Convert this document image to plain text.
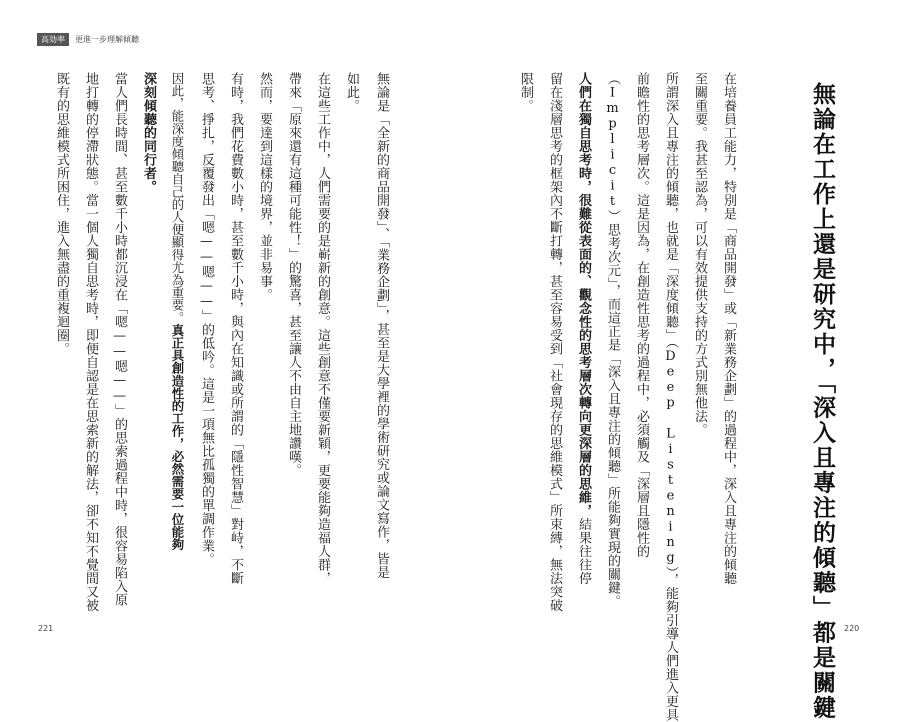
高効率	更進一步理解傾聽
221
無論是「全新的商品開發」、「業務企劃」，甚至是大學裡的學術研究或論文寫作，皆是
如此。
在這些工作中，人們需要的是嶄新的創意。這些創意不僅要新穎，更要能夠造福人群，
帶來「原來還有這種可能性！」的驚喜，甚至讓人不由自主地讚嘆。
然而，要達到這樣的境界，並非易事。
有時，我們花費數小時，甚至數千小時，與內在知識或所謂的「隱性智慧」對峙，不斷
思考、掙扎，反覆發出「嗯——嗯——」的低吟。這是一項無比孤獨的單調作業。
因此，能深度傾聽自己的人便顯得尤為重要。真正具創造性的工作，必然需要一位能夠
深刻傾聽的同行者。
當人們長時間、甚至數千小時都沉浸在「嗯——嗯——」的思索過程中時，很容易陷入原
地打轉的停滯狀態。當一個人獨自思考時，即便自認是在思索新的解法，卻不知不覺間又被
既有的思維模式所困住，進入無盡的重複迴圈。
220
無論在工作上還是研究中，「深入且專注的傾聽」都是關鍵
在培養員工能力，特別是「商品開發」或「新業務企劃」的過程中，深入且專注的傾聽
至關重要。我甚至認為，可以有效提供支持的方式別無他法。
所謂深入且專注的傾聽，也就是「深度傾聽」（Deep Listening），能夠引導人們進入更具
前瞻性的思考層次。這是因為，在創造性思考的過程中，必須觸及「深層且隱性的
（Implicit）思考次元」，而這正是「深入且專注的傾聽」所能夠實現的關鍵。
人們在獨自思考時，很難從表面的、觀念性的思考層次轉向更深層的思維，結果往往停
留在淺層思考的框架內不斷打轉，甚至容易受到「社會現存的思維模式」所束縛，無法突破
限制。
